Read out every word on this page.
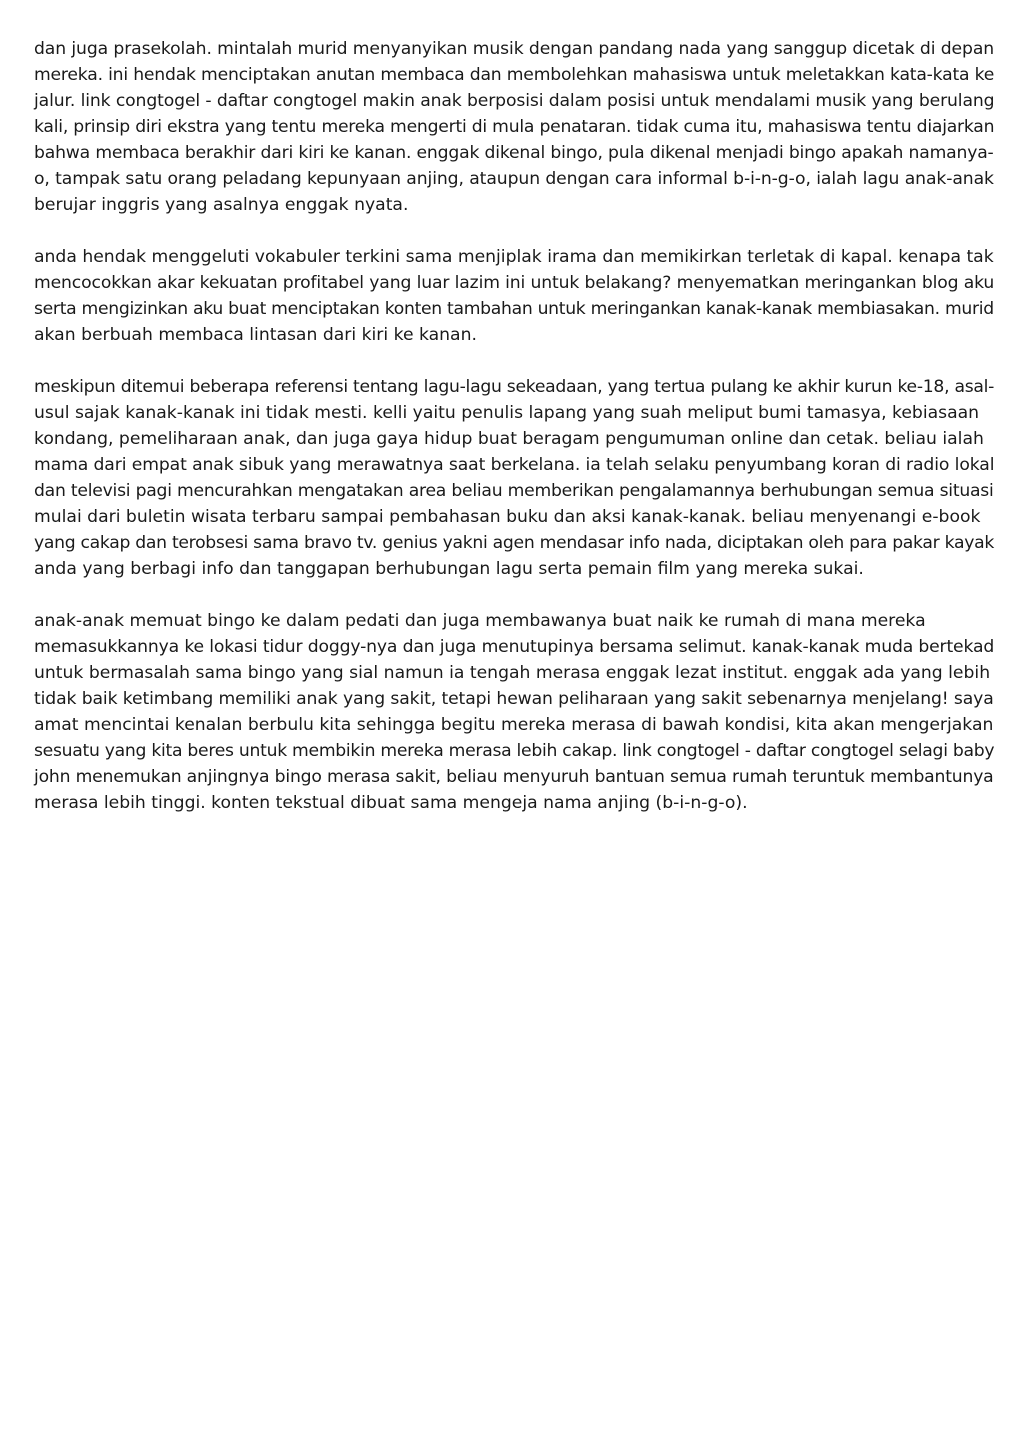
dan juga prasekolah. mintalah murid menyanyikan musik dengan pandang nada yang sanggup dicetak di depan
mereka. ini hendak menciptakan anutan membaca dan membolehkan mahasiswa untuk meletakkan kata-kata ke
jalur. link congtogel - daftar congtogel makin anak berposisi dalam posisi untuk mendalami musik yang berulang
kali, prinsip diri ekstra yang tentu mereka mengerti di mula penataran. tidak cuma itu, mahasiswa tentu diajarkan
bahwa membaca berakhir dari kiri ke kanan. enggak dikenal bingo, pula dikenal menjadi bingo apakah namanya-
o, tampak satu orang peladang kepunyaan anjing, ataupun dengan cara informal b-i-n-g-o, ialah lagu anak-anak
berujar inggris yang asalnya enggak nyata.

anda hendak menggeluti vokabuler terkini sama menjiplak irama dan memikirkan terletak di kapal. kenapa tak
mencocokkan akar kekuatan profitabel yang luar lazim ini untuk belakang? menyematkan meringankan blog aku
serta mengizinkan aku buat menciptakan konten tambahan untuk meringankan kanak-kanak membiasakan. murid
akan berbuah membaca lintasan dari kiri ke kanan.

meskipun ditemui beberapa referensi tentang lagu-lagu sekeadaan, yang tertua pulang ke akhir kurun ke-18, asal-
usul sajak kanak-kanak ini tidak mesti. kelli yaitu penulis lapang yang suah meliput bumi tamasya, kebiasaan
kondang, pemeliharaan anak, dan juga gaya hidup buat beragam pengumuman online dan cetak. beliau ialah
mama dari empat anak sibuk yang merawatnya saat berkelana. ia telah selaku penyumbang koran di radio lokal
dan televisi pagi mencurahkan mengatakan area beliau memberikan pengalamannya berhubungan semua situasi
mulai dari buletin wisata terbaru sampai pembahasan buku dan aksi kanak-kanak. beliau menyenangi e-book
yang cakap dan terobsesi sama bravo tv. genius yakni agen mendasar info nada, diciptakan oleh para pakar kayak
anda yang berbagi info dan tanggapan berhubungan lagu serta pemain film yang mereka sukai.

anak-anak memuat bingo ke dalam pedati dan juga membawanya buat naik ke rumah di mana mereka
memasukkannya ke lokasi tidur doggy-nya dan juga menutupinya bersama selimut. kanak-kanak muda bertekad
untuk bermasalah sama bingo yang sial namun ia tengah merasa enggak lezat institut. enggak ada yang lebih
tidak baik ketimbang memiliki anak yang sakit, tetapi hewan peliharaan yang sakit sebenarnya menjelang! saya
amat mencintai kenalan berbulu kita sehingga begitu mereka merasa di bawah kondisi, kita akan mengerjakan
sesuatu yang kita beres untuk membikin mereka merasa lebih cakap. link congtogel - daftar congtogel selagi baby
john menemukan anjingnya bingo merasa sakit, beliau menyuruh bantuan semua rumah teruntuk membantunya
merasa lebih tinggi. konten tekstual dibuat sama mengeja nama anjing (b-i-n-g-o).
